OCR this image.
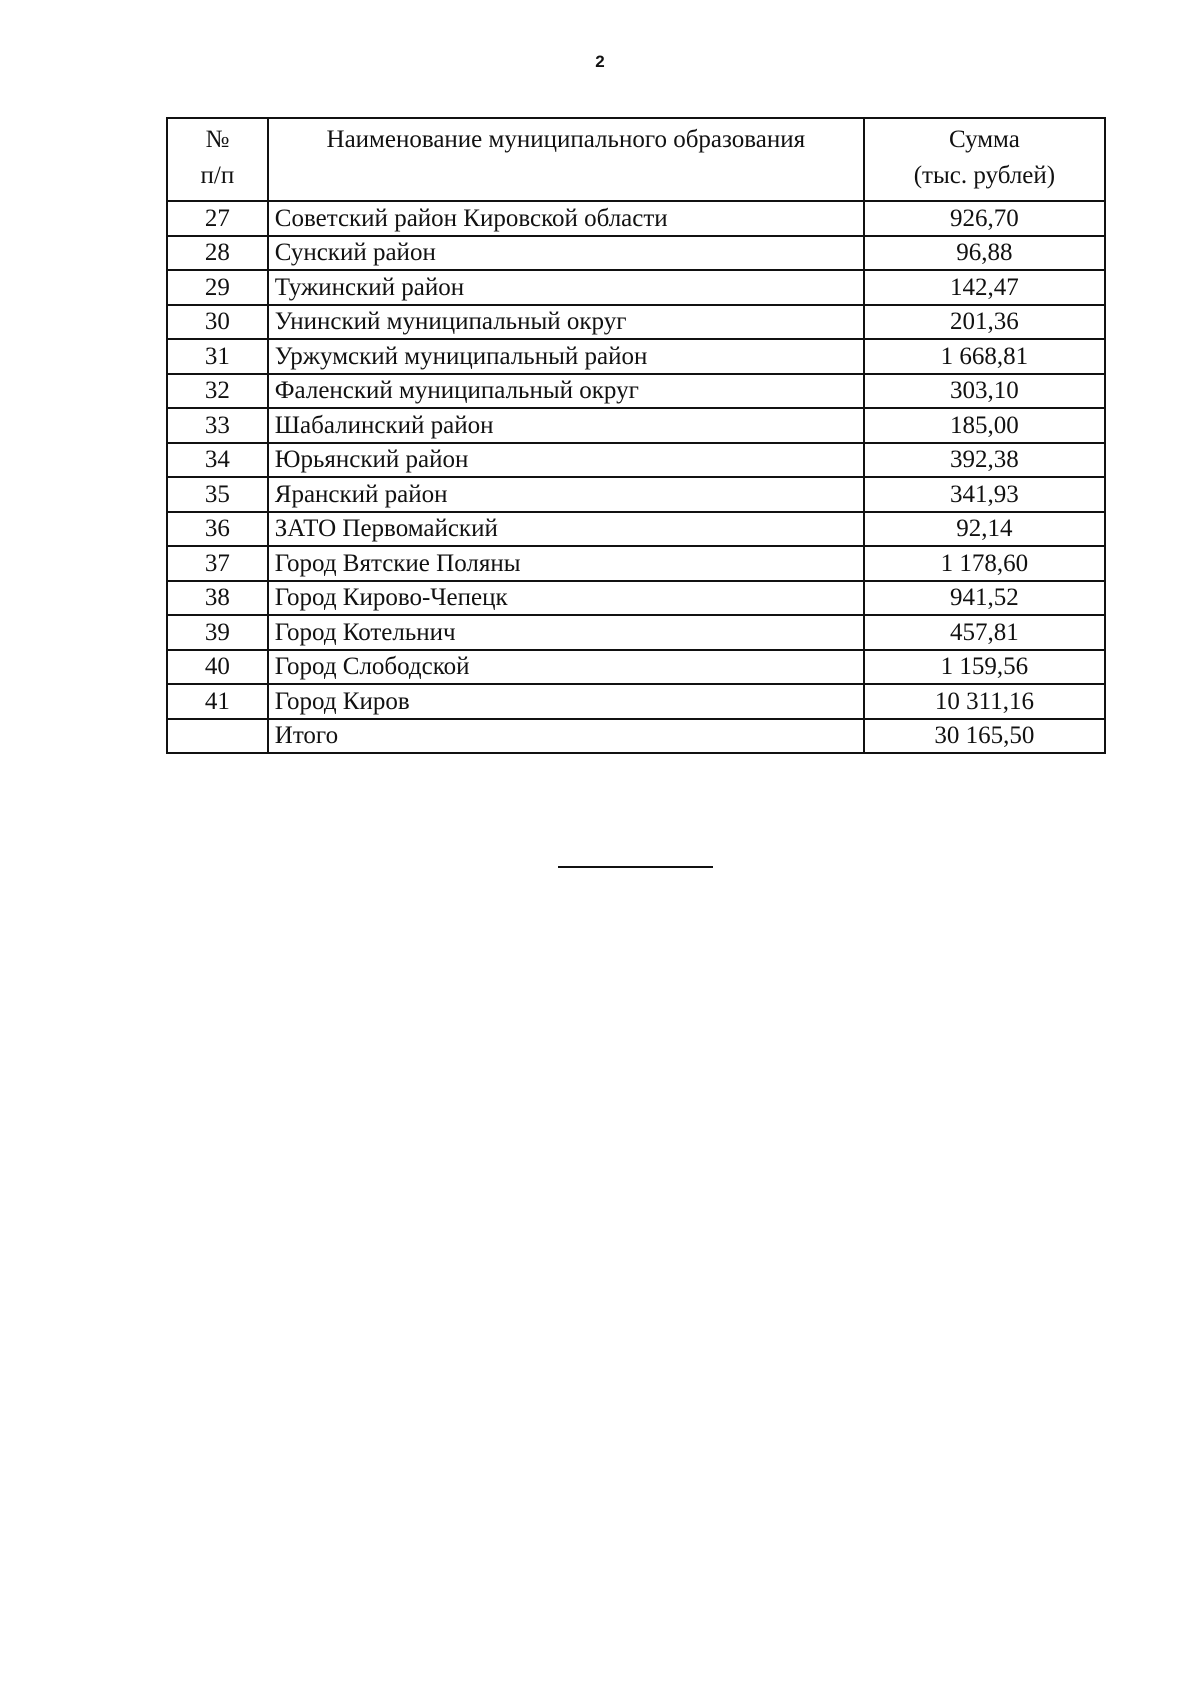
2
№
п/п	Наименование муниципального образования	Сумма
(тыс. рублей)

27	Советский район Кировской области	926,70
28	Сунский район	96,88
29	Тужинский район	142,47
30	Унинский муниципальный округ	201,36
31	Уржумский муниципальный район	1 668,81
32	Фаленский муниципальный округ	303,10
33	Шабалинский район	185,00
34	Юрьянский район	392,38
35	Яранский район	341,93
36	ЗАТО Первомайский	92,14
37	Город Вятские Поляны	1 178,60
38	Город Кирово-Чепецк	941,52
39	Город Котельнич	457,81
40	Город Слободской	1 159,56
41	Город Киров	10 311,16
	Итого	30 165,50
